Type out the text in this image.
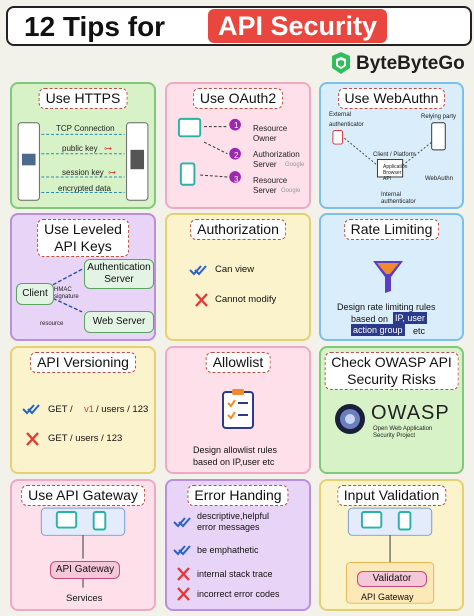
12 Tips for	API Security
ByteByteGo
Use HTTPS
TCP Connection
public key ⊶
session key ⊶
encrypted data
Use OAuth2
1
2
3
Resource
Owner
Authorization
Server
Resource
Server
Google
Google
Use WebAuthn
External
authenticator
Relying party
Client / Platform
Application
Browser
API
Internal
authenticator
WebAuthn
Use Leveled
API Keys
Client
Authentication
Server
Web Server
HMAC
signature
resource
Authorization
Can view
Cannot modify
Rate Limiting
Design rate limiting rules
based on IP, user
action group etc
API Versioning
GET / v1 / users / 123
GET / users / 123
Allowlist
Design allowlist rules
based on IP,user etc
Check OWASP API
Security Risks
OWASP
Open Web Application
Security Project
Use API Gateway
API Gateway
Services
Error Handing
descriptive,helpful
error messages
be emphathetic
internal stack trace
incorrect error codes
Input Validation
Validator
API Gateway
